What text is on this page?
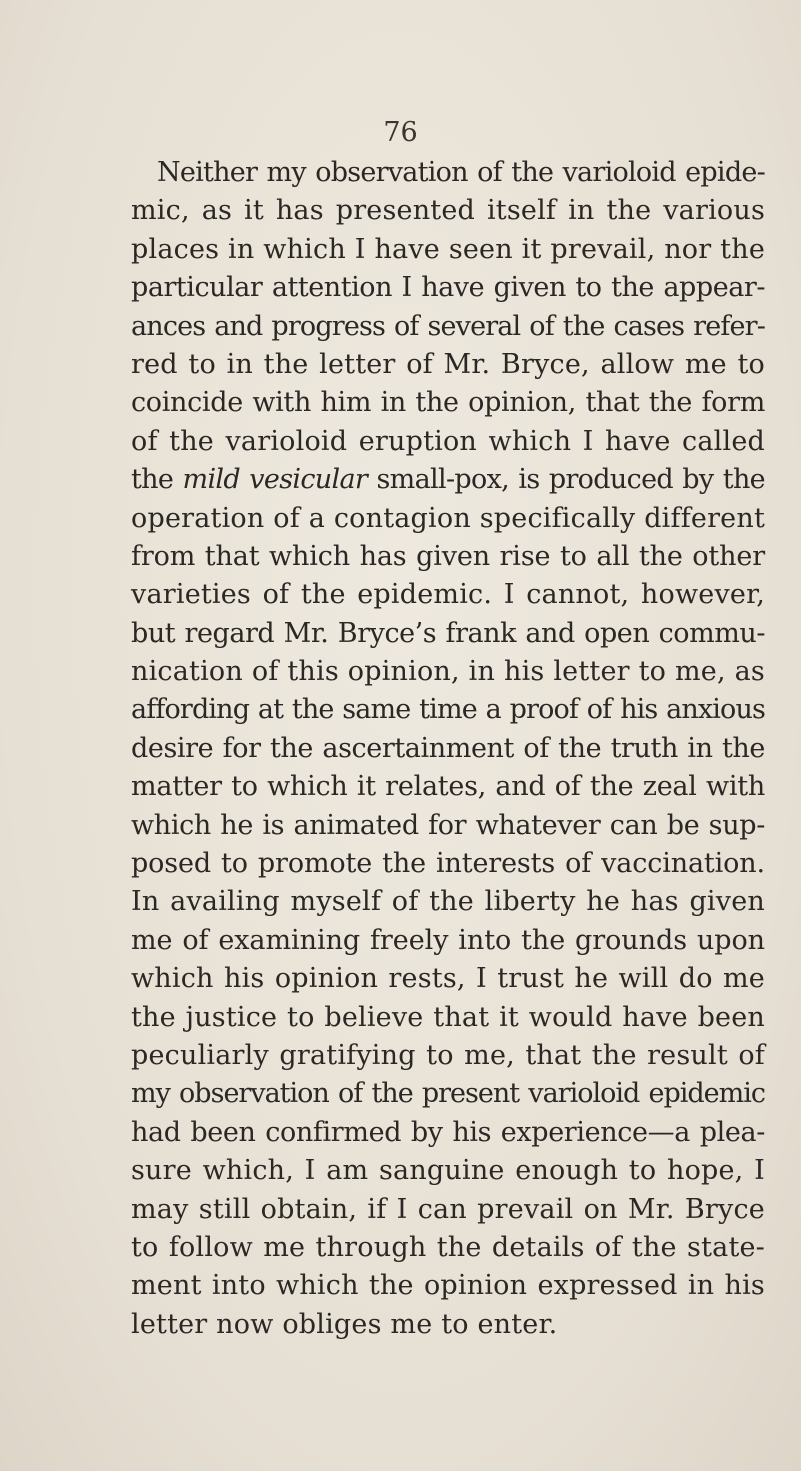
76
Neither my observation of the varioloid epide-
mic, as it has presented itself in the various
places in which I have seen it prevail, nor the
particular attention I have given to the appear-
ances and progress of several of the cases refer-
red to in the letter of Mr. Bryce, allow me to
coincide with him in the opinion, that the form
of the varioloid eruption which I have called
the mild vesicular small-pox, is produced by the
operation of a contagion specifically different
from that which has given rise to all the other
varieties of the epidemic. I cannot, however,
but regard Mr. Bryce’s frank and open commu-
nication of this opinion, in his letter to me, as
affording at the same time a proof of his anxious
desire for the ascertainment of the truth in the
matter to which it relates, and of the zeal with
which he is animated for whatever can be sup-
posed to promote the interests of vaccination.
In availing myself of the liberty he has given
me of examining freely into the grounds upon
which his opinion rests, I trust he will do me
the justice to believe that it would have been
peculiarly gratifying to me, that the result of
my observation of the present varioloid epidemic
had been confirmed by his experience—a plea-
sure which, I am sanguine enough to hope, I
may still obtain, if I can prevail on Mr. Bryce
to follow me through the details of the state-
ment into which the opinion expressed in his
letter now obliges me to enter.
